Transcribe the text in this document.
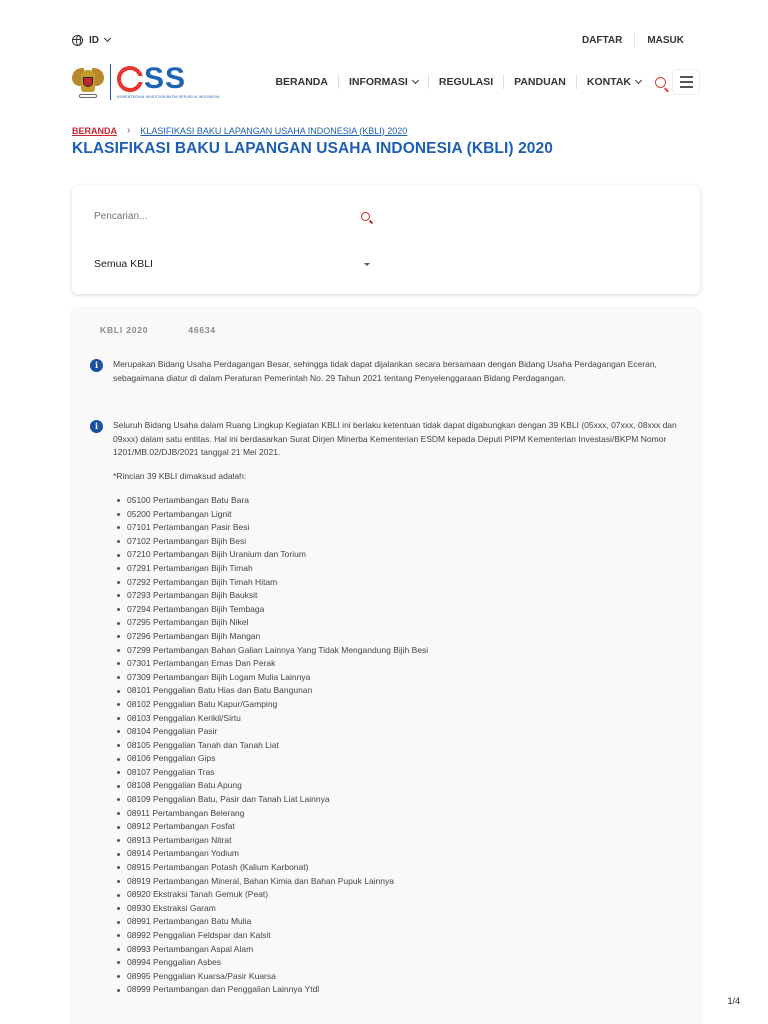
ID	DAFTAR	MASUK
SS
KEMENTERIAN INVESTASI/BKPM REPUBLIK INDONESIA
BERANDA INFORMASI	REGULASI PANDUAN KONTAK
BERANDA › KLASIFIKASI BAKU LAPANGAN USAHA INDONESIA (KBLI) 2020
KLASIFIKASI BAKU LAPANGAN USAHA INDONESIA (KBLI) 2020
Pencarian...
Semua KBLI
KBLI 2020	46634
i	Merupakan Bidang Usaha Perdagangan Besar, sehingga tidak dapat dijalankan secara bersamaan dengan Bidang Usaha Perdagangan Eceran, sebagaimana diatur di dalam Peraturan Pemerintah No. 29 Tahun 2021 tentang Penyelenggaraan Bidang Perdagangan.

i	Seluruh Bidang Usaha dalam Ruang Lingkup Kegiatan KBLI ini berlaku ketentuan tidak dapat digabungkan dengan 39 KBLI (05xxx, 07xxx, 08xxx dan 09xxx) dalam satu entitas. Hal ini berdasarkan Surat Dirjen Minerba Kementerian ESDM kepada Deputi PIPM Kementerian Investasi/BKPM Nomor 1201/MB.02/DJB/2021 tanggal 21 Mei 2021.

*Rincian 39 KBLI dimaksud adalah:
05100 Pertambangan Batu Bara
05200 Pertambangan Lignit
07101 Pertambangan Pasir Besi
07102 Pertambangan Bijih Besi
07210 Pertambangan Bijih Uranium dan Torium
07291 Pertambangan Bijih Timah
07292 Pertambangan Bijih Timah Hitam
07293 Pertambangan Bijih Bauksit
07294 Pertambangan Bijih Tembaga
07295 Pertambangan Bijih Nikel
07296 Pertambangan Bijih Mangan
07299 Pertambangan Bahan Galian Lainnya Yang Tidak Mengandung Bijih Besi
07301 Pertambangan Emas Dan Perak
07309 Pertambangan Bijih Logam Mulia Lainnya
08101 Penggalian Batu Hias dan Batu Bangunan
08102 Penggalian Batu Kapur/Gamping
08103 Penggalian Kerikil/Sirtu
08104 Penggalian Pasir
08105 Penggalian Tanah dan Tanah Liat
08106 Penggalian Gips
08107 Penggalian Tras
08108 Penggalian Batu Apung
08109 Penggalian Batu, Pasir dan Tanah Liat Lainnya
08911 Pertambangan Belerang
08912 Pertambangan Fosfat
08913 Pertambangan Nitrat
08914 Pertambangan Yodium
08915 Pertambangan Potash (Kalium Karbonat)
08919 Pertambangan Mineral, Bahan Kimia dan Bahan Pupuk Lainnya
08920 Ekstraksi Tanah Gemuk (Peat)
08930 Ekstraksi Garam
08991 Pertambangan Batu Mulia
08992 Penggalian Feldspar dan Kalsit
08993 Pertambangan Aspal Alam
08994 Penggalian Asbes
08995 Penggalian Kuarsa/Pasir Kuarsa
08999 Pertambangan dan Penggalian Lainnya Ytdl
1/4
